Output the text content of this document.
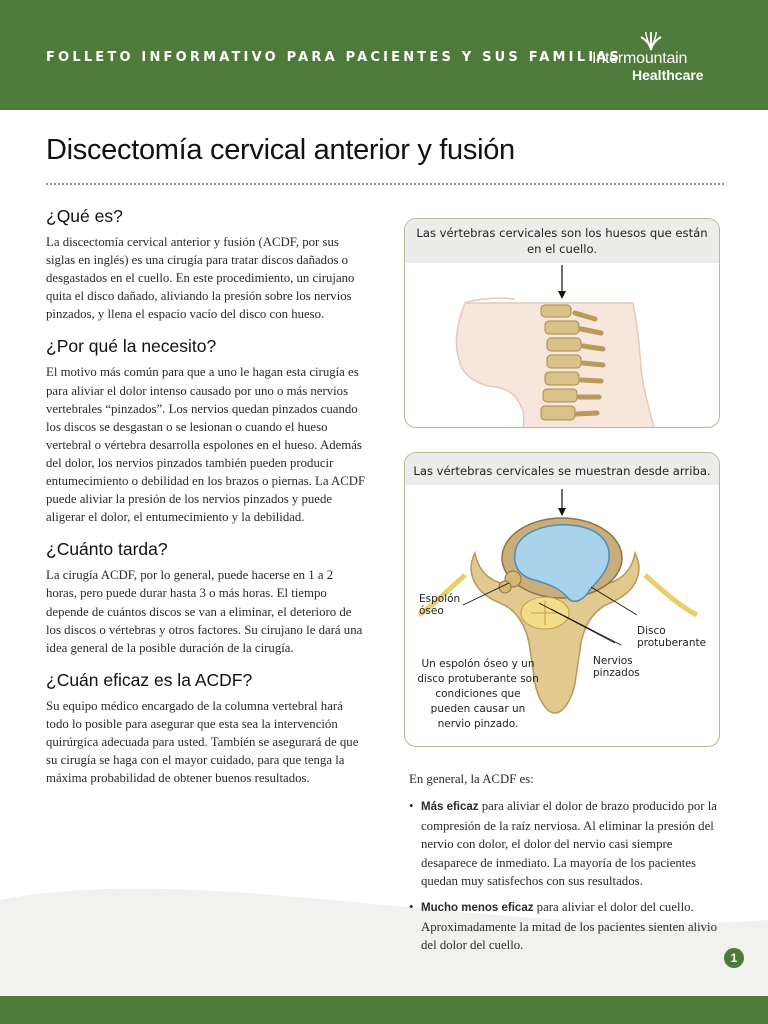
FOLLETO INFORMATIVO PARA PACIENTES Y SUS FAMILIAS
Intermountain
Healthcare
Discectomía cervical anterior y fusión
¿Qué es?

La discectomía cervical anterior y fusión (ACDF, por sus siglas en inglés) es una cirugía para tratar discos dañados o desgastados en el cuello. En este procedimiento, un cirujano quita el disco dañado, aliviando la presión sobre los nervios pinzados, y llena el espacio vacío del disco con hueso.

¿Por qué la necesito?

El motivo más común para que a uno le hagan esta cirugía es para aliviar el dolor intenso causado por uno o más nervios vertebrales “pinzados”. Los nervios quedan pinzados cuando los discos se desgastan o se lesionan o cuando el hueso vertebral o vértebra desarrolla espolones en el hueso. Además del dolor, los nervios pinzados también pueden producir entumecimiento o debilidad en los brazos o piernas. La ACDF puede aliviar la presión de los nervios pinzados y puede aligerar el dolor, el entumecimiento y la debilidad.

¿Cuánto tarda?

La cirugía ACDF, por lo general, puede hacerse en 1 a 2 horas, pero puede durar hasta 3 o más horas. El tiempo depende de cuántos discos se van a eliminar, el deterioro de los discos o vértebras y otros factores. Su cirujano le dará una idea general de la posible duración de la cirugía.

¿Cuán eficaz es la ACDF?

Su equipo médico encargado de la columna vertebral hará todo lo posible para asegurar que esta sea la intervención quirúrgica adecuada para usted. También se asegurará de que su cirugía se haga con el mayor cuidado, para que tenga la máxima probabilidad de obtener buenos resultados.

Las vértebras cervicales son los huesos que están en el cuello.
Las vértebras cervicales se muestran desde arriba.
Espolón óseo
Disco protuberante
Nervios pinzados
Un espolón óseo y un disco protuberante son condiciones que pueden causar un nervio pinzado.

En general, la ACDF es:

• Más eficaz para aliviar el dolor de brazo producido por la compresión de la raíz nerviosa. Al eliminar la presión del nervio con dolor, el dolor del nervio casi siempre desaparece de inmediato. La mayoría de los pacientes quedan muy satisfechos con sus resultados.
• Mucho menos eficaz para aliviar el dolor del cuello. Aproximadamente la mitad de los pacientes sienten alivio del dolor del cuello.
1
